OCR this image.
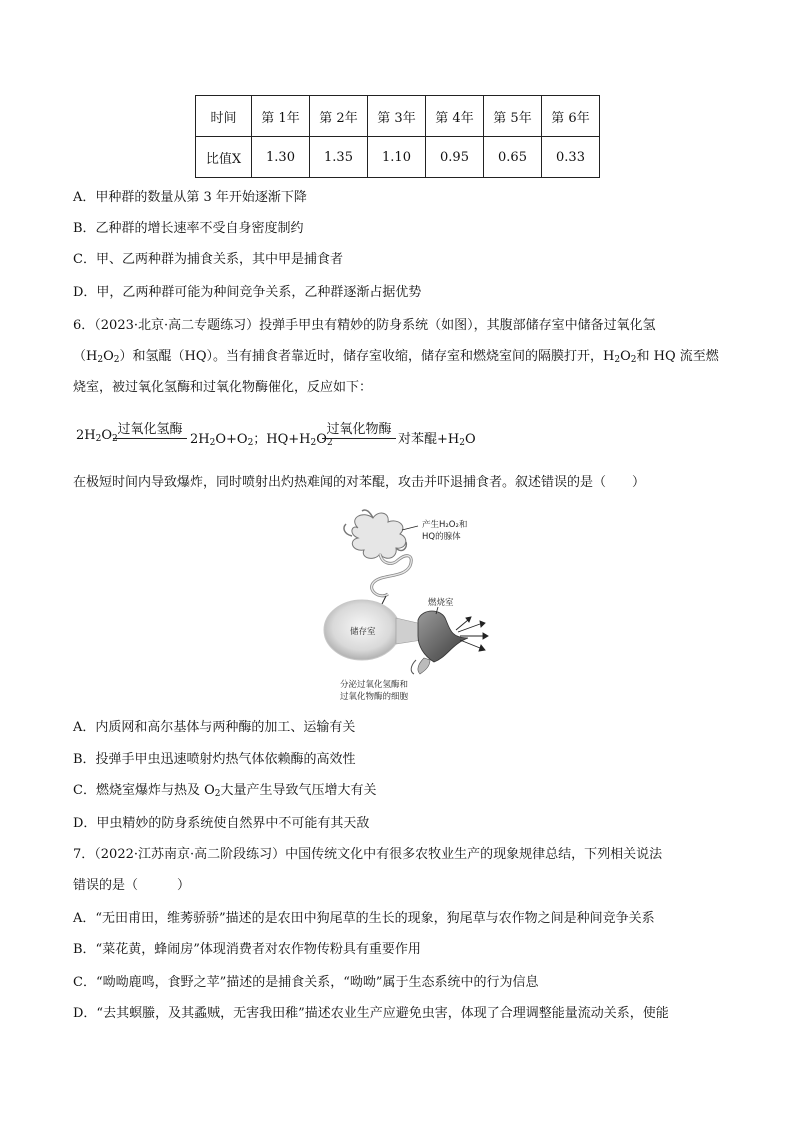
时间	第 1年	第 2年	第 3年	第 4年	第 5年	第 6年
比值X	1.30	1.35	1.10	0.95	0.65	0.33
A．甲种群的数量从第 3 年开始逐渐下降
B．乙种群的增长速率不受自身密度制约
C．甲、乙两种群为捕食关系，其中甲是捕食者
D．甲，乙两种群可能为种间竞争关系，乙种群逐渐占据优势
6．（2023·北京·高二专题练习）投弹手甲虫有精妙的防身系统（如图），其腹部储存室中储备过氧化氢
$(H_2O_2)$和氢醌（HQ）。当有捕食者靠近时，储存室收缩，储存室和燃烧室间的隔膜打开，$H_2O_2$和 HQ 流至燃
烧室，被过氧化氢酶和过氧化物酶催化，反应如下：
$2H_2O_2$
过氧化氢酶
$2H_2O+O_2$；$HQ+H_2O_2$
过氧化物酶
对苯醌$+H_2O$
在极短时间内导致爆炸，同时喷射出灼热难闻的对苯醌，攻击并吓退捕食者。叙述错误的是（　　）
产生H₂O₂和
HQ的腺体
储存室
燃烧室
分泌过氧化氢酶和
过氧化物酶的细胞
A．内质网和高尔基体与两种酶的加工、运输有关
B．投弹手甲虫迅速喷射灼热气体依赖酶的高效性
C．燃烧室爆炸与热及 $O_2$大量产生导致气压增大有关
D．甲虫精妙的防身系统使自然界中不可能有其天敌
7．（2022·江苏南京·高二阶段练习）中国传统文化中有很多农牧业生产的现象规律总结，下列相关说法
错误的是（　　　）
A．“无田甫田，维莠骄骄”描述的是农田中狗尾草的生长的现象，狗尾草与农作物之间是种间竞争关系
B．“菜花黄，蜂闹房”体现消费者对农作物传粉具有重要作用
C．“呦呦鹿鸣，食野之苹”描述的是捕食关系，“呦呦”属于生态系统中的行为信息
D．“去其螟螣，及其蟊贼，无害我田稚”描述农业生产应避免虫害，体现了合理调整能量流动关系，使能
